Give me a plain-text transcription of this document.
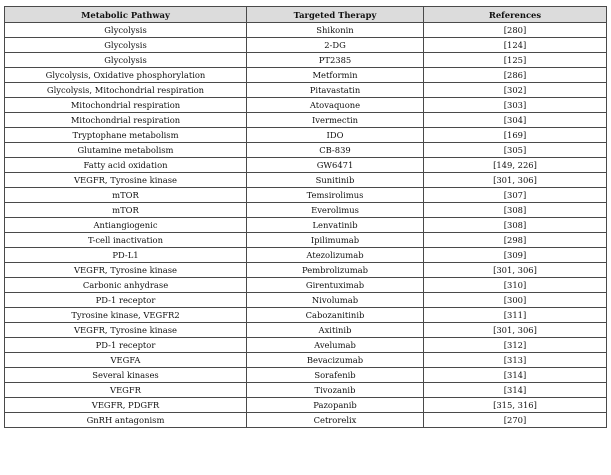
Metabolic Pathway	Targeted Therapy	References
Glycolysis	Shikonin	[280]
Glycolysis	2-DG	[124]
Glycolysis	PT2385	[125]
Glycolysis, Oxidative phosphorylation	Metformin	[286]
Glycolysis, Mitochondrial respiration	Pitavastatin	[302]
Mitochondrial respiration	Atovaquone	[303]
Mitochondrial respiration	Ivermectin	[304]
Tryptophane metabolism	IDO	[169]
Glutamine metabolism	CB-839	[305]
Fatty acid oxidation	GW6471	[149, 226]
VEGFR, Tyrosine kinase	Sunitinib	[301, 306]
mTOR	Temsirolimus	[307]
mTOR	Everolimus	[308]
Antiangiogenic	Lenvatinib	[308]
T-cell inactivation	Ipilimumab	[298]
PD-L1	Atezolizumab	[309]
VEGFR, Tyrosine kinase	Pembrolizumab	[301, 306]
Carbonic anhydrase	Girentuximab	[310]
PD-1 receptor	Nivolumab	[300]
Tyrosine kinase, VEGFR2	Cabozanitinib	[311]
VEGFR, Tyrosine kinase	Axitinib	[301, 306]
PD-1 receptor	Avelumab	[312]
VEGFA	Bevacizumab	[313]
Several kinases	Sorafenib	[314]
VEGFR	Tivozanib	[314]
VEGFR, PDGFR	Pazopanib	[315, 316]
GnRH antagonism	Cetrorelix	[270]
